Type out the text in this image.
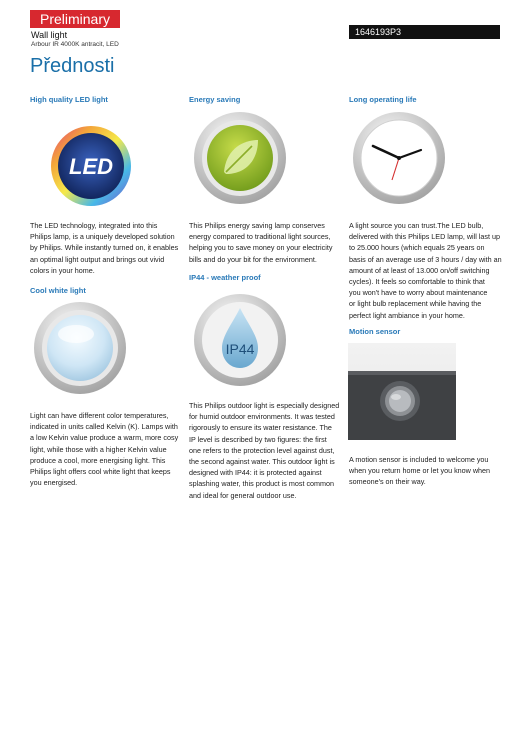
Preliminary
Wall light
Arbour IR 4000K antracit, LED
1646193P3
Přednosti
High quality LED light
LED
The LED technology, integrated into this
Philips lamp, is a uniquely developed solution
by Philips. While instantly turned on, it enables
an optimal light output and brings out vivid
colors in your home.
Energy saving
This Philips energy saving lamp conserves
energy compared to traditional light sources,
helping you to save money on your electricity
bills and do your bit for the environment.
Long operating life
A light source you can trust.The LED bulb,
delivered with this Philips LED lamp, will last up
to 25.000 hours (which equals 25 years on
basis of an average use of 3 hours / day with an
amount of at least of 13.000 on/off switching
cycles). It feels so comfortable to think that
you won't have to worry about maintenance
or light bulb replacement while having the
perfect light ambiance in your home.
Cool white light
Light can have different color temperatures,
indicated in units called Kelvin (K). Lamps with
a low Kelvin value produce a warm, more cosy
light, while those with a higher Kelvin value
produce a cool, more energising light. This
Philips light offers cool white light that keeps
you energised.
IP44 - weather proof
IP44
This Philips outdoor light is especially designed
for humid outdoor environments. It was tested
rigorously to ensure its water resistance. The
IP level is described by two figures: the first
one refers to the protection level against dust,
the second against water. This outdoor light is
designed with IP44: it is protected against
splashing water, this product is most common
and ideal for general outdoor use.
Motion sensor
A motion sensor is included to welcome you
when you return home or let you know when
someone's on their way.
